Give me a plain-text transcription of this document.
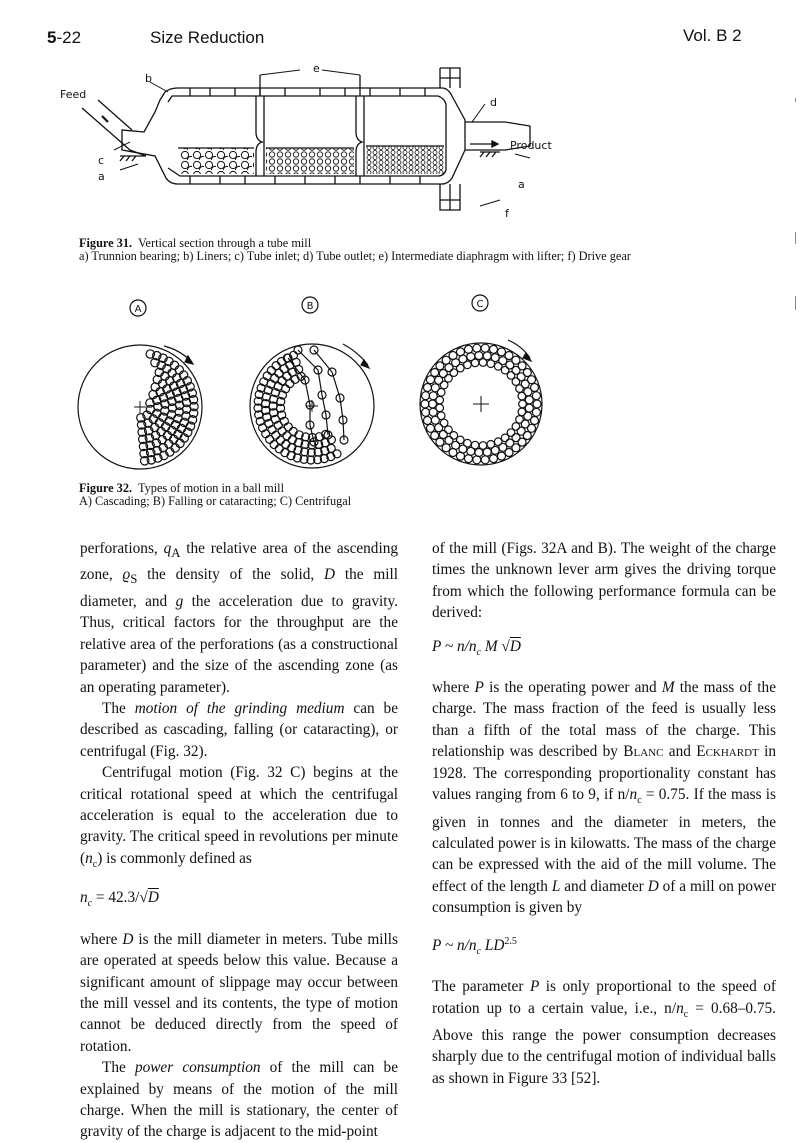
5-22	Size Reduction	Vol. B 2
Feed
b
c
a
e
d
Product
a
f
Figure 31. Vertical section through a tube mill
a) Trunnion bearing; b) Liners; c) Tube inlet; d) Tube outlet; e) Intermediate diaphragm with lifter; f) Drive gear
A	B	C
Figure 32. Types of motion in a ball mill
A) Cascading; B) Falling or cataracting; C) Centrifugal

perforations, $q_A$ the relative area of the ascending zone, $ϱ_S$ the density of the solid, D the mill diameter, and g the acceleration due to gravity. Thus, critical factors for the throughput are the relative area of the perforations (as a constructional parameter) and the size of the ascending zone (as an operating parameter).

The motion of the grinding medium can be described as cascading, falling (or cataracting), or centrifugal (Fig. 32).

Centrifugal motion (Fig. 32 C) begins at the critical rotational speed at which the centrifugal acceleration is equal to the acceleration due to gravity. The critical speed in revolutions per minute $(n_c)$ is commonly defined as

$n_c = 42.3/√D$

where D is the mill diameter in meters. Tube mills are operated at speeds below this value. Because a significant amount of slippage may occur between the mill vessel and its contents, the type of motion cannot be deduced directly from the speed of rotation.

The power consumption of the mill can be explained by means of the motion of the mill charge. When the mill is stationary, the center of gravity of the charge is adjacent to the mid-point

of the mill (Figs. 32A and B). The weight of the charge times the unknown lever arm gives the driving torque from which the following performance formula can be derived:

P ~ $n/n_c$ M √D

where P is the operating power and M the mass of the charge. The mass fraction of the feed is usually less than a fifth of the total mass of the charge. This relationship was described by Blanc and Eckhardt in 1928. The corresponding proportionality constant has values ranging from 6 to 9, if $n/n_c = 0.75$. If the mass is given in tonnes and the diameter in meters, the calculated power is in kilowatts. The mass of the charge can be expressed with the aid of the mill volume. The effect of the length L and diameter D of a mill on power consumption is given by

P ~ $n/n_c$ $LD^{2.5}$

The parameter P is only proportional to the speed of rotation up to a certain value, i.e., $n/n_c = 0.68-0.75$. Above this range the power consumption decreases sharply due to the centrifugal motion of individual balls as shown in Figure 33 [52].
